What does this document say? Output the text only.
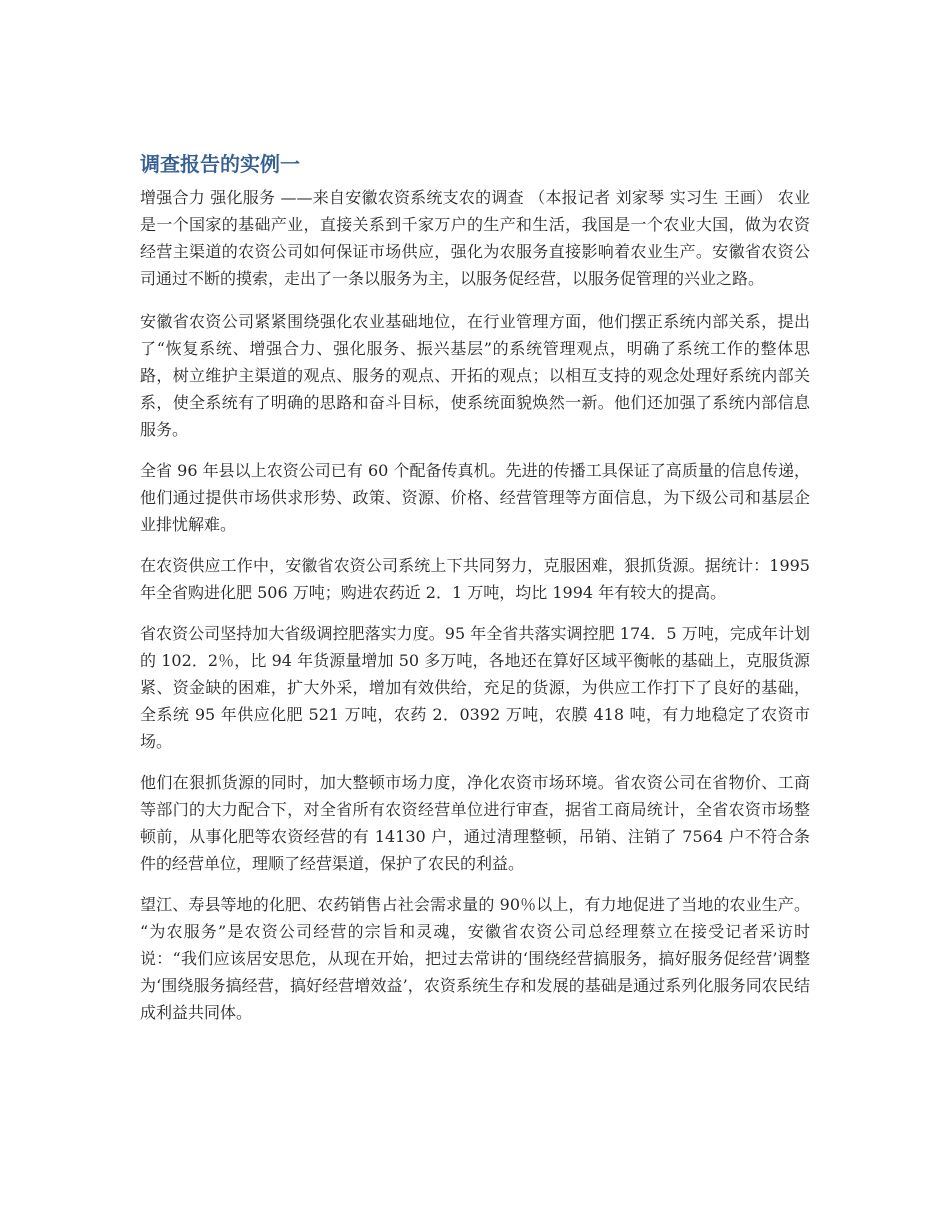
调查报告的实例一

增强合力 强化服务 ——来自安徽农资系统支农的调查 （本报记者 刘家琴 实习生 王画） 农业是一个国家的基础产业，直接关系到千家万户的生产和生活，我国是一个农业大国，做为农资经营主渠道的农资公司如何保证市场供应，强化为农服务直接影响着农业生产。安徽省农资公司通过不断的摸索，走出了一条以服务为主，以服务促经营，以服务促管理的兴业之路。

安徽省农资公司紧紧围绕强化农业基础地位，在行业管理方面，他们摆正系统内部关系，提出了“恢复系统、增强合力、强化服务、振兴基层”的系统管理观点，明确了系统工作的整体思路，树立维护主渠道的观点、服务的观点、开拓的观点；以相互支持的观念处理好系统内部关系，使全系统有了明确的思路和奋斗目标，使系统面貌焕然一新。他们还加强了系统内部信息服务。

全省 96 年县以上农资公司已有 60 个配备传真机。先进的传播工具保证了高质量的信息传递，他们通过提供市场供求形势、政策、资源、价格、经营管理等方面信息，为下级公司和基层企业排忧解难。

在农资供应工作中，安徽省农资公司系统上下共同努力，克服困难，狠抓货源。据统计：1995 年全省购进化肥 506 万吨；购进农药近 2．1 万吨，均比 1994 年有较大的提高。

省农资公司坚持加大省级调控肥落实力度。95 年全省共落实调控肥 174．5 万吨，完成年计划的 102．2％，比 94 年货源量增加 50 多万吨，各地还在算好区域平衡帐的基础上，克服货源紧、资金缺的困难，扩大外采，增加有效供给，充足的货源，为供应工作打下了良好的基础，全系统 95 年供应化肥 521 万吨，农药 2．0392 万吨，农膜 418 吨，有力地稳定了农资市场。

他们在狠抓货源的同时，加大整顿市场力度，净化农资市场环境。省农资公司在省物价、工商等部门的大力配合下，对全省所有农资经营单位进行审查，据省工商局统计，全省农资市场整顿前，从事化肥等农资经营的有 14130 户，通过清理整顿，吊销、注销了 7564 户不符合条件的经营单位，理顺了经营渠道，保护了农民的利益。

望江、寿县等地的化肥、农药销售占社会需求量的 90％以上，有力地促进了当地的农业生产。 “为农服务”是农资公司经营的宗旨和灵魂，安徽省农资公司总经理蔡立在接受记者采访时说：“我们应该居安思危，从现在开始，把过去常讲的‘围绕经营搞服务，搞好服务促经营’调整为‘围绕服务搞经营，搞好经营增效益’，农资系统生存和发展的基础是通过系列化服务同农民结成利益共同体。
